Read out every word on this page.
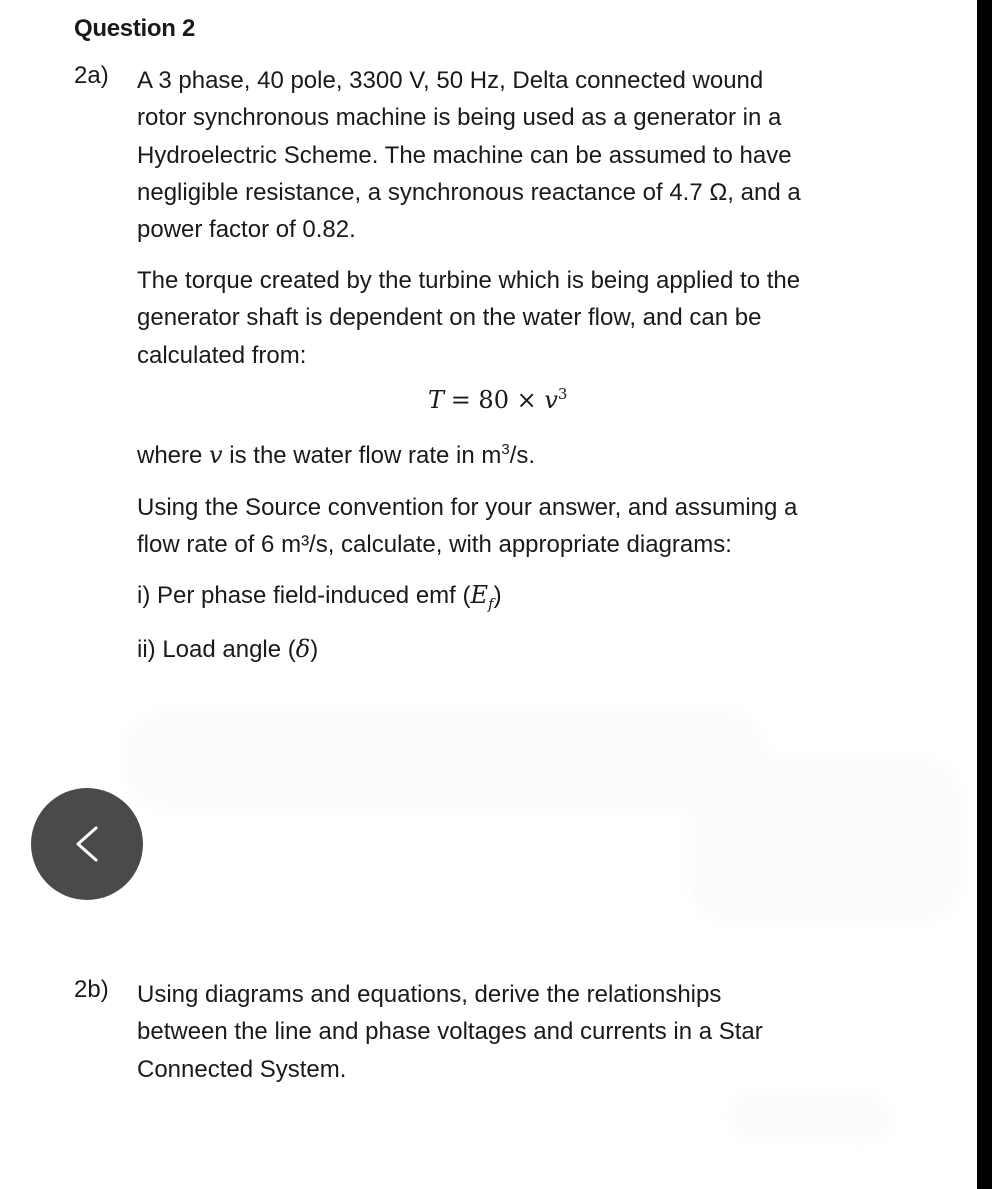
Question 2
2a) A 3 phase, 40 pole, 3300 V, 50 Hz, Delta connected wound
rotor synchronous machine is being used as a generator in a
Hydroelectric Scheme. The machine can be assumed to have
negligible resistance, a synchronous reactance of 4.7 Ω, and a
power factor of 0.82.
The torque created by the turbine which is being applied to the
generator shaft is dependent on the water flow, and can be
calculated from:
$T = 80 \times v^3$
where v is the water flow rate in $m^3/s$.
Using the Source convention for your answer, and assuming a
flow rate of 6 m³/s, calculate, with appropriate diagrams:
i) Per phase field-induced emf $(E_f)$
ii) Load angle (δ)
2b) Using diagrams and equations, derive the relationships
between the line and phase voltages and currents in a Star
Connected System.
